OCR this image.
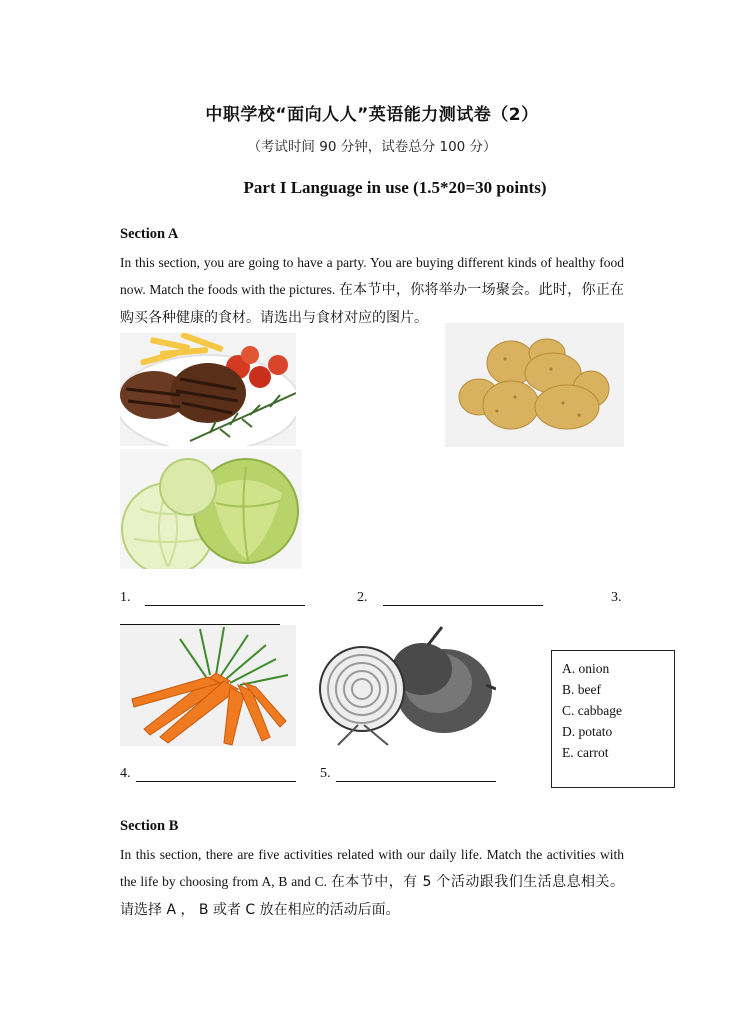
中职学校“面向人人”英语能力测试卷（2）
（考试时间 90 分钟，试卷总分 100 分）
Part I Language in use (1.5*20=30 points)
Section A
In this section, you are going to have a party. You are buying different kinds of healthy food now. Match the foods with the pictures. 在本节中，你将举办一场聚会。此时，你正在购买各种健康的食材。请选出与食材对应的图片。
1.	2.	3.
A. onion
B. beef
C. cabbage
D. potato
E. carrot
4.	5.
Section B
In this section, there are five activities related with our daily life. Match the activities with the life by choosing from A, B and C. 在本节中，有 5 个活动跟我们生活息息相关。请选择 A ， B 或者 C 放在相应的活动后面。
